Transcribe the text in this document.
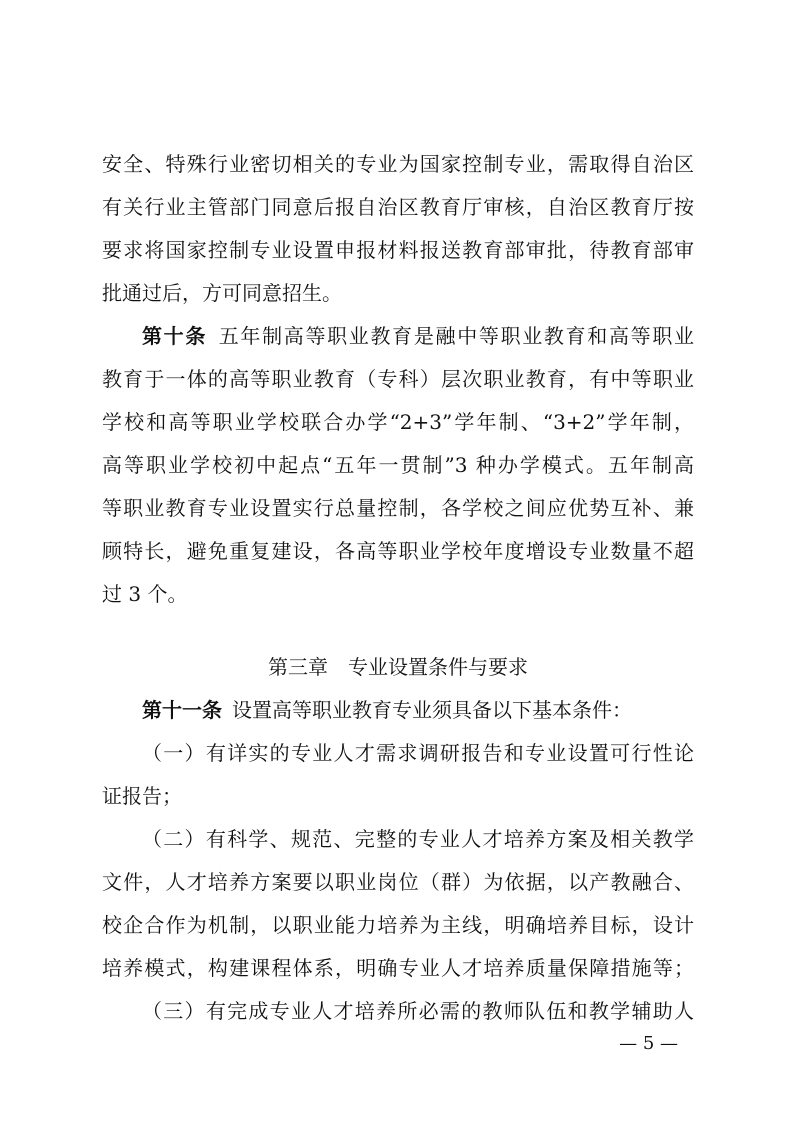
安全、特殊行业密切相关的专业为国家控制专业，需取得自治区
有关行业主管部门同意后报自治区教育厅审核，自治区教育厅按
要求将国家控制专业设置申报材料报送教育部审批，待教育部审
批通过后，方可同意招生。
第十条  五年制高等职业教育是融中等职业教育和高等职业
教育于一体的高等职业教育（专科）层次职业教育，有中等职业
学校和高等职业学校联合办学“2+3”学年制、“3+2”学年制，
高等职业学校初中起点“五年一贯制”3 种办学模式。五年制高
等职业教育专业设置实行总量控制，各学校之间应优势互补、兼
顾特长，避免重复建设，各高等职业学校年度增设专业数量不超
过 3 个。
第三章　专业设置条件与要求
第十一条  设置高等职业教育专业须具备以下基本条件：
（一）有详实的专业人才需求调研报告和专业设置可行性论
证报告；
（二）有科学、规范、完整的专业人才培养方案及相关教学
文件，人才培养方案要以职业岗位（群）为依据，以产教融合、
校企合作为机制，以职业能力培养为主线，明确培养目标，设计
培养模式，构建课程体系，明确专业人才培养质量保障措施等；
（三）有完成专业人才培养所必需的教师队伍和教学辅助人
— 5 —
